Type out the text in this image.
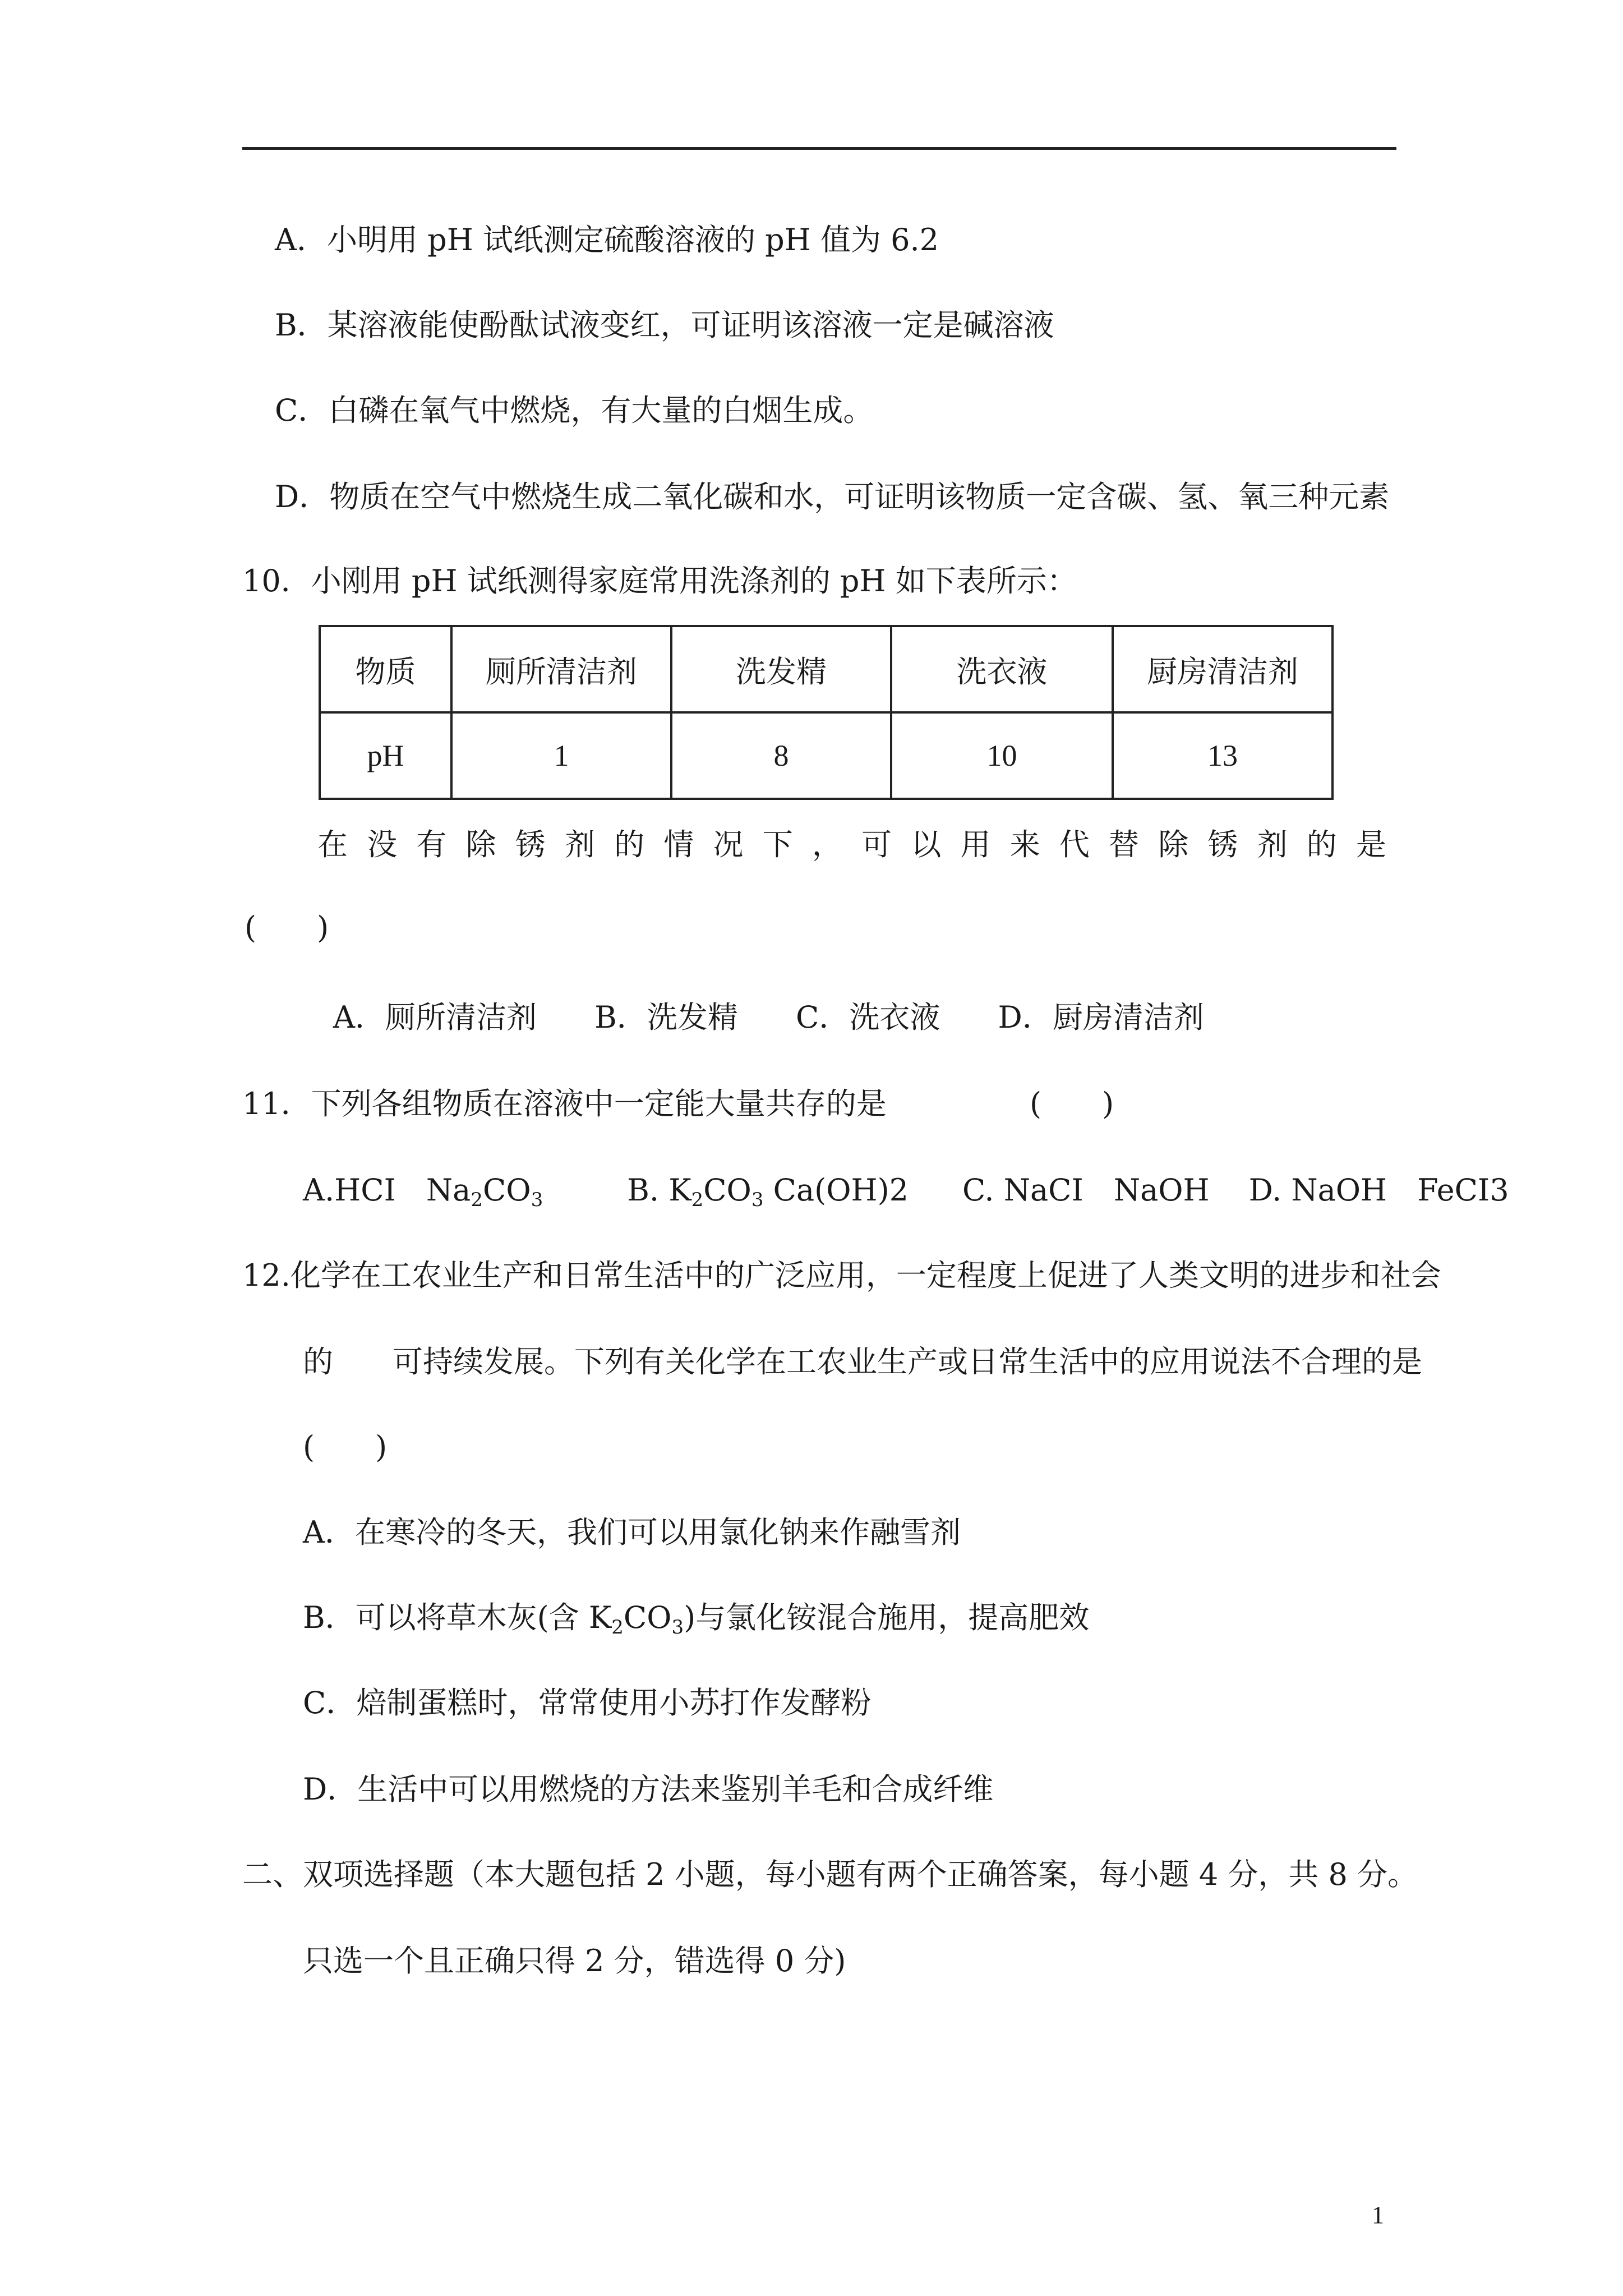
A．小明用 pH 试纸测定硫酸溶液的 pH 值为 6.2
B．某溶液能使酚酞试液变红，可证明该溶液一定是碱溶液
C．白磷在氧气中燃烧，有大量的白烟生成。
D．物质在空气中燃烧生成二氧化碳和水，可证明该物质一定含碳、氢、氧三种元素
10．小刚用 pH 试纸测得家庭常用洗涤剂的 pH 如下表所示：
物质	厕所清洁剂	洗发精	洗衣液	厨房清洁剂
pH	1	8	10	13
在 没 有 除 锈 剂 的 情 况 下 ， 可 以 用 来 代 替 除 锈 剂 的 是
(　　)
A．厕所清洁剂 B．洗发精 C．洗衣液 D．厨房清洁剂
11．下列各组物质在溶液中一定能大量共存的是	(　　)
A.HCI　$Na_2CO_3$	B. $K_2CO_3$ Ca(OH)2 C. NaCI　NaOH D. NaOH　FeCI3
12.化学在工农业生产和日常生活中的广泛应用，一定程度上促进了人类文明的进步和社会
的 可持续发展。下列有关化学在工农业生产或日常生活中的应用说法不合理的是
(　　)
A．在寒冷的冬天，我们可以用氯化钠来作融雪剂
B．可以将草木灰(含 $K_2CO_3$)与氯化铵混合施用，提高肥效
C．焙制蛋糕时，常常使用小苏打作发酵粉
D．生活中可以用燃烧的方法来鉴别羊毛和合成纤维
二、双项选择题（本大题包括 2 小题，每小题有两个正确答案，每小题 4 分，共 8 分。
只选一个且正确只得 2 分，错选得 0 分)
1
